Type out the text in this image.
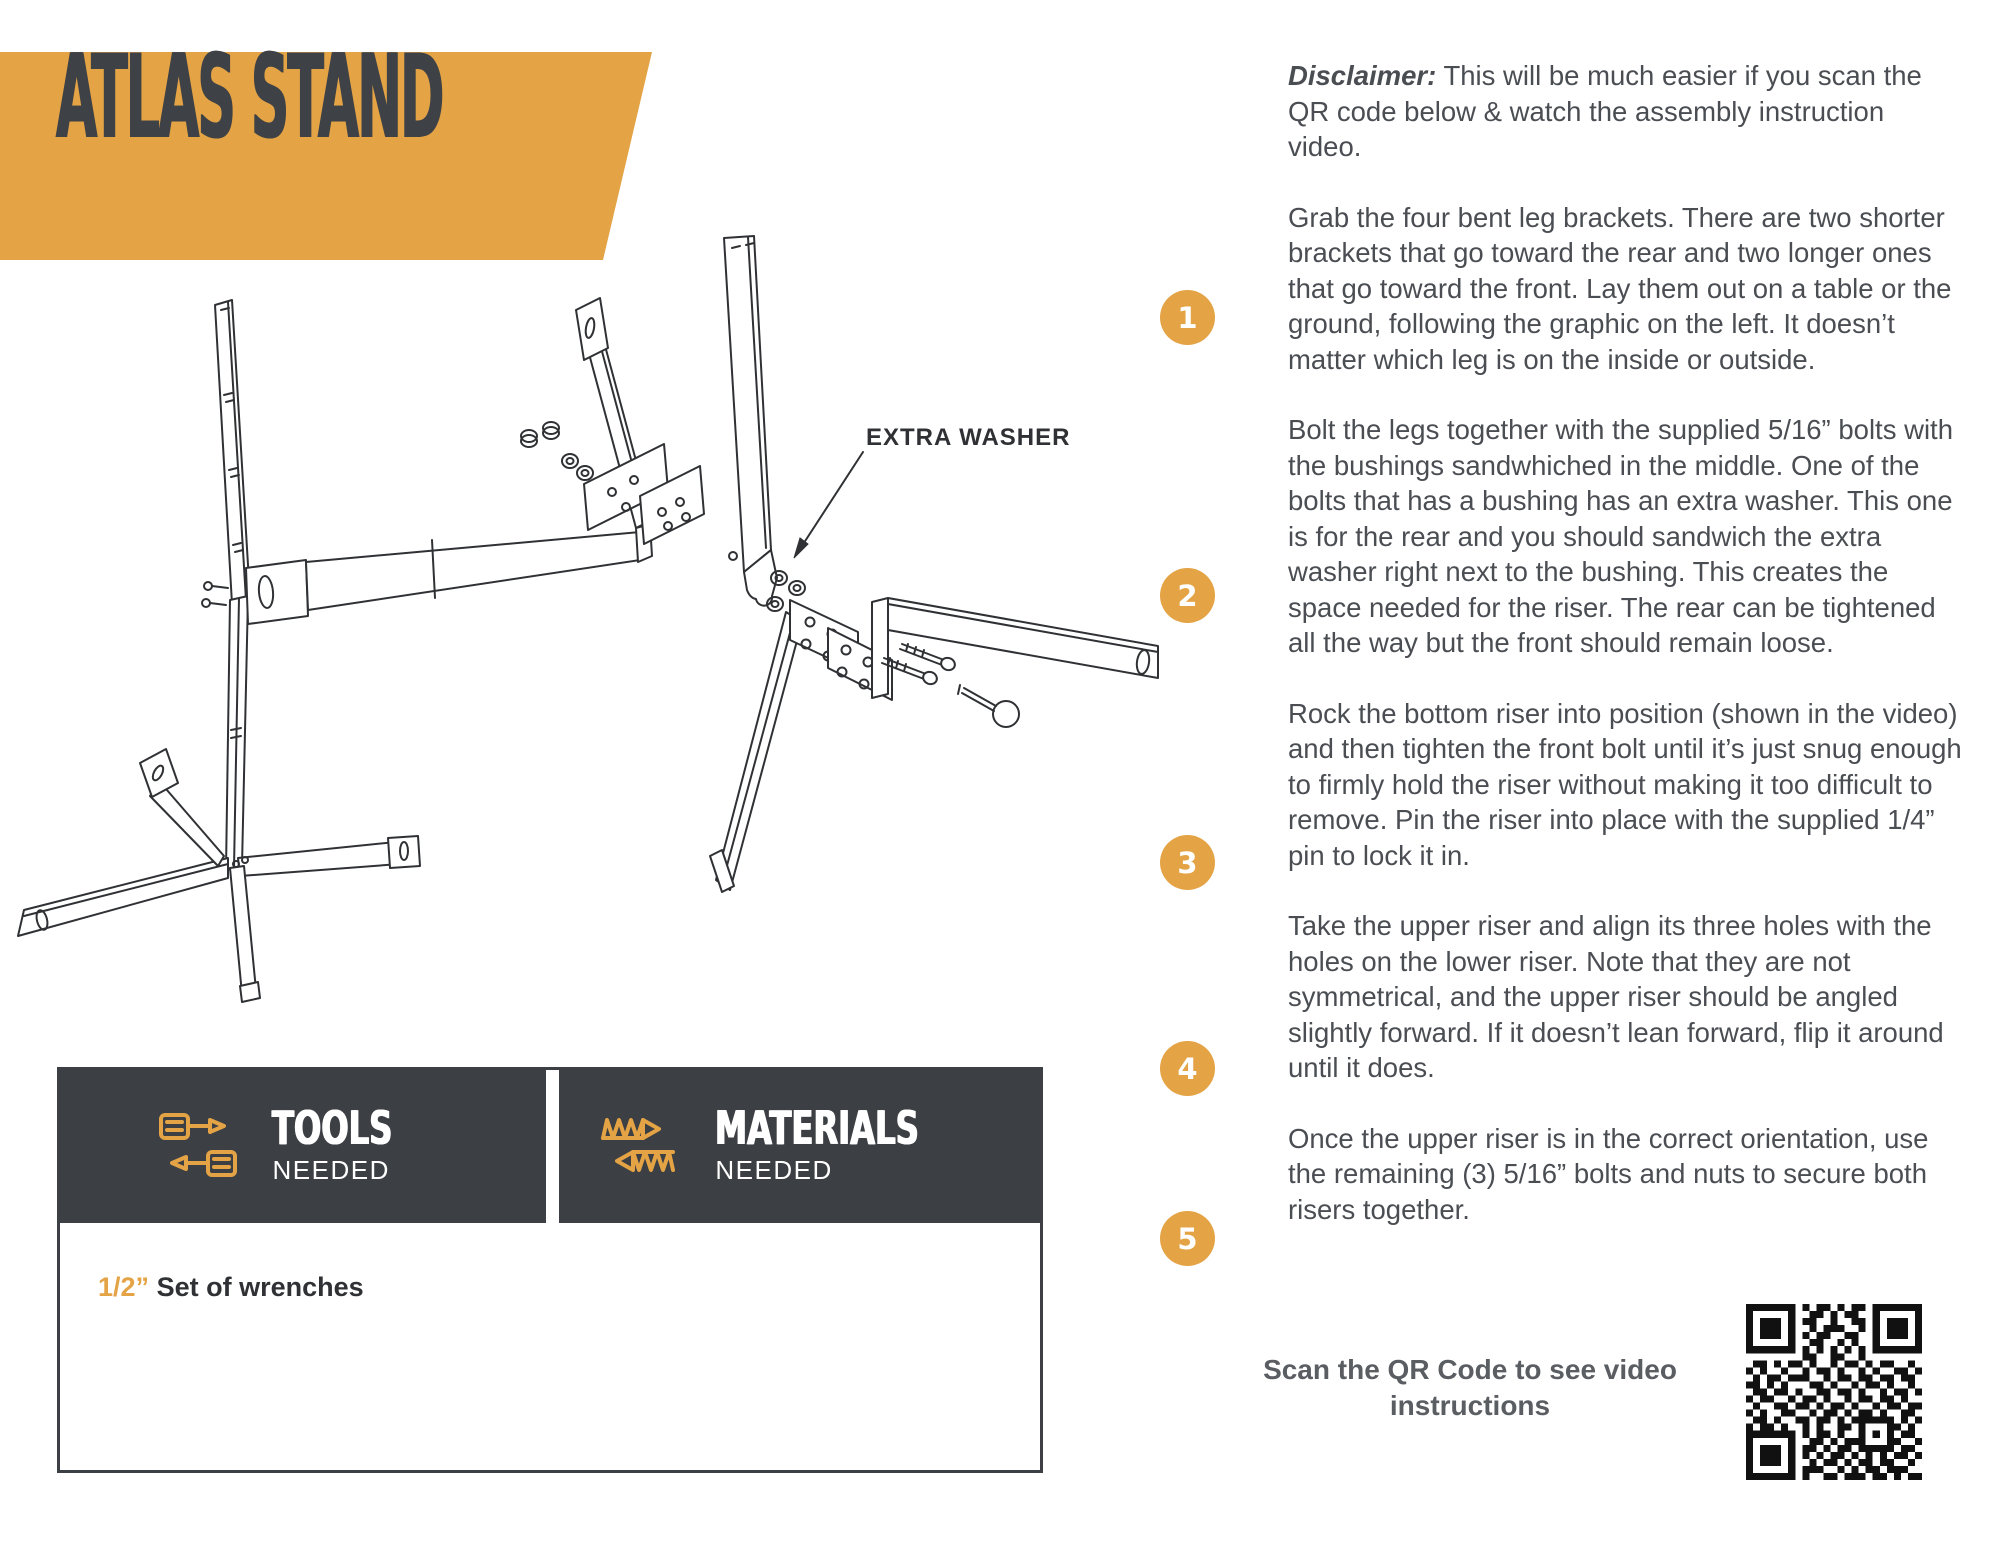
ATLAS STAND
EXTRA WASHER

Disclaimer: This will be much easier if you scan the QR code below & watch the assembly instruction video.

Grab the four bent leg brackets. There are two shorter brackets that go toward the rear and two longer ones that go toward the front. Lay them out on a table or the ground, following the graphic on the left. It doesn’t matter which leg is on the inside or outside.

Bolt the legs together with the supplied 5/16” bolts with the bushings sandwhiched in the middle. One of the bolts that has a bushing has an extra washer. This one is for the rear and you should sandwich the extra washer right next to the bushing. This creates the space needed for the riser. The rear can be tightened all the way but the front should remain loose.

Rock the bottom riser into position (shown in the video) and then tighten the front bolt until it’s just snug enough to firmly hold the riser without making it too difficult to remove. Pin the riser into place with the supplied 1/4” pin to lock it in.

Take the upper riser and align its three holes with the holes on the lower riser. Note that they are not symmetrical, and the upper riser should be angled slightly forward. If it doesn’t lean forward, flip it around until it does.

Once the upper riser is in the correct orientation, use the remaining (3) 5/16” bolts and nuts to secure both risers together.

1
2
3
4
5
TOOLS
NEEDED
MATERIALS
NEEDED
1/2” Set of wrenches
Scan the QR Code to see video
instructions
